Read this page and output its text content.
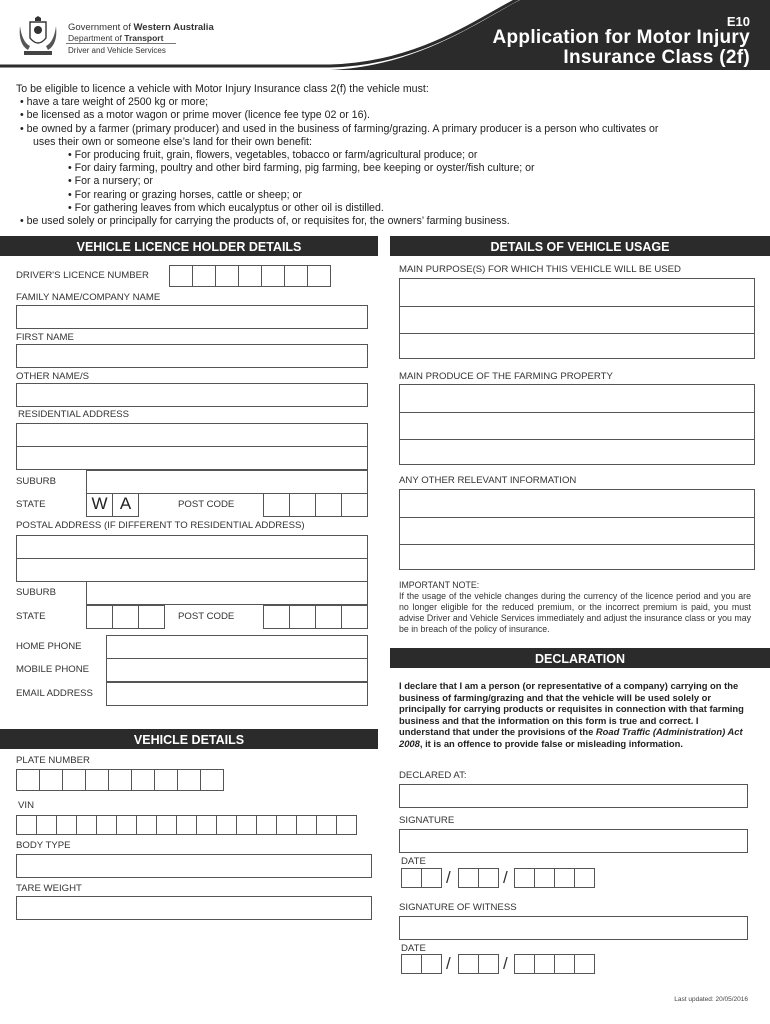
Government of Western Australia
Department of Transport
Driver and Vehicle Services
E10
Application for Motor Injury
Insurance Class (2f)
To be eligible to licence a vehicle with Motor Injury Insurance class 2(f) the vehicle must:
• have a tare weight of 2500 kg or more;
• be licensed as a motor wagon or prime mover (licence fee type 02 or 16).
• be owned by a farmer (primary producer) and used in the business of farming/grazing. A primary producer is a person who cultivates or
uses their own or someone else’s land for their own benefit:
• For producing fruit, grain, flowers, vegetables, tobacco or farm/agricultural produce; or
• For dairy farming, poultry and other bird farming, pig farming, bee keeping or oyster/fish culture; or
• For a nursery; or
• For rearing or grazing horses, cattle or sheep; or
• For gathering leaves from which eucalyptus or other oil is distilled.
• be used solely or principally for carrying the products of, or requisites for, the owners’ farming business.
VEHICLE LICENCE HOLDER DETAILS	DETAILS OF VEHICLE USAGE
VEHICLE DETAILS
DECLARATION
DRIVER'S LICENCE NUMBER
FAMILY NAME/COMPANY NAME
FIRST NAME
OTHER NAME/S
RESIDENTIAL ADDRESS
SUBURB
STATE	W A	POST CODE
POSTAL ADDRESS (IF DIFFERENT TO RESIDENTIAL ADDRESS)
SUBURB
STATE	POST CODE
HOME PHONE
MOBILE PHONE
EMAIL ADDRESS
PLATE NUMBER
VIN
BODY TYPE
TARE WEIGHT
MAIN PURPOSE(S) FOR WHICH THIS VEHICLE WILL BE USED
MAIN PRODUCE OF THE FARMING PROPERTY
ANY OTHER RELEVANT INFORMATION
IMPORTANT NOTE:
If the usage of the vehicle changes during the currency of the licence period and you are no longer eligible for the reduced premium, or the incorrect premium is paid, you must advise Driver and Vehicle Services immediately and adjust the insurance class or you may be in breach of the policy of insurance.
I declare that I am a person (or representative of a company) carrying on the business of farming/grazing and that the vehicle will be used solely or principally for carrying products or requisites in connection with that farming business and that the information on this form is true and correct. I understand that under the provisions of the Road Traffic (Administration) Act 2008, it is an offence to provide false or misleading information.
DECLARED AT:
SIGNATURE
DATE
/	/
SIGNATURE OF WITNESS
DATE
/	/
Last updated: 20/05/2016
